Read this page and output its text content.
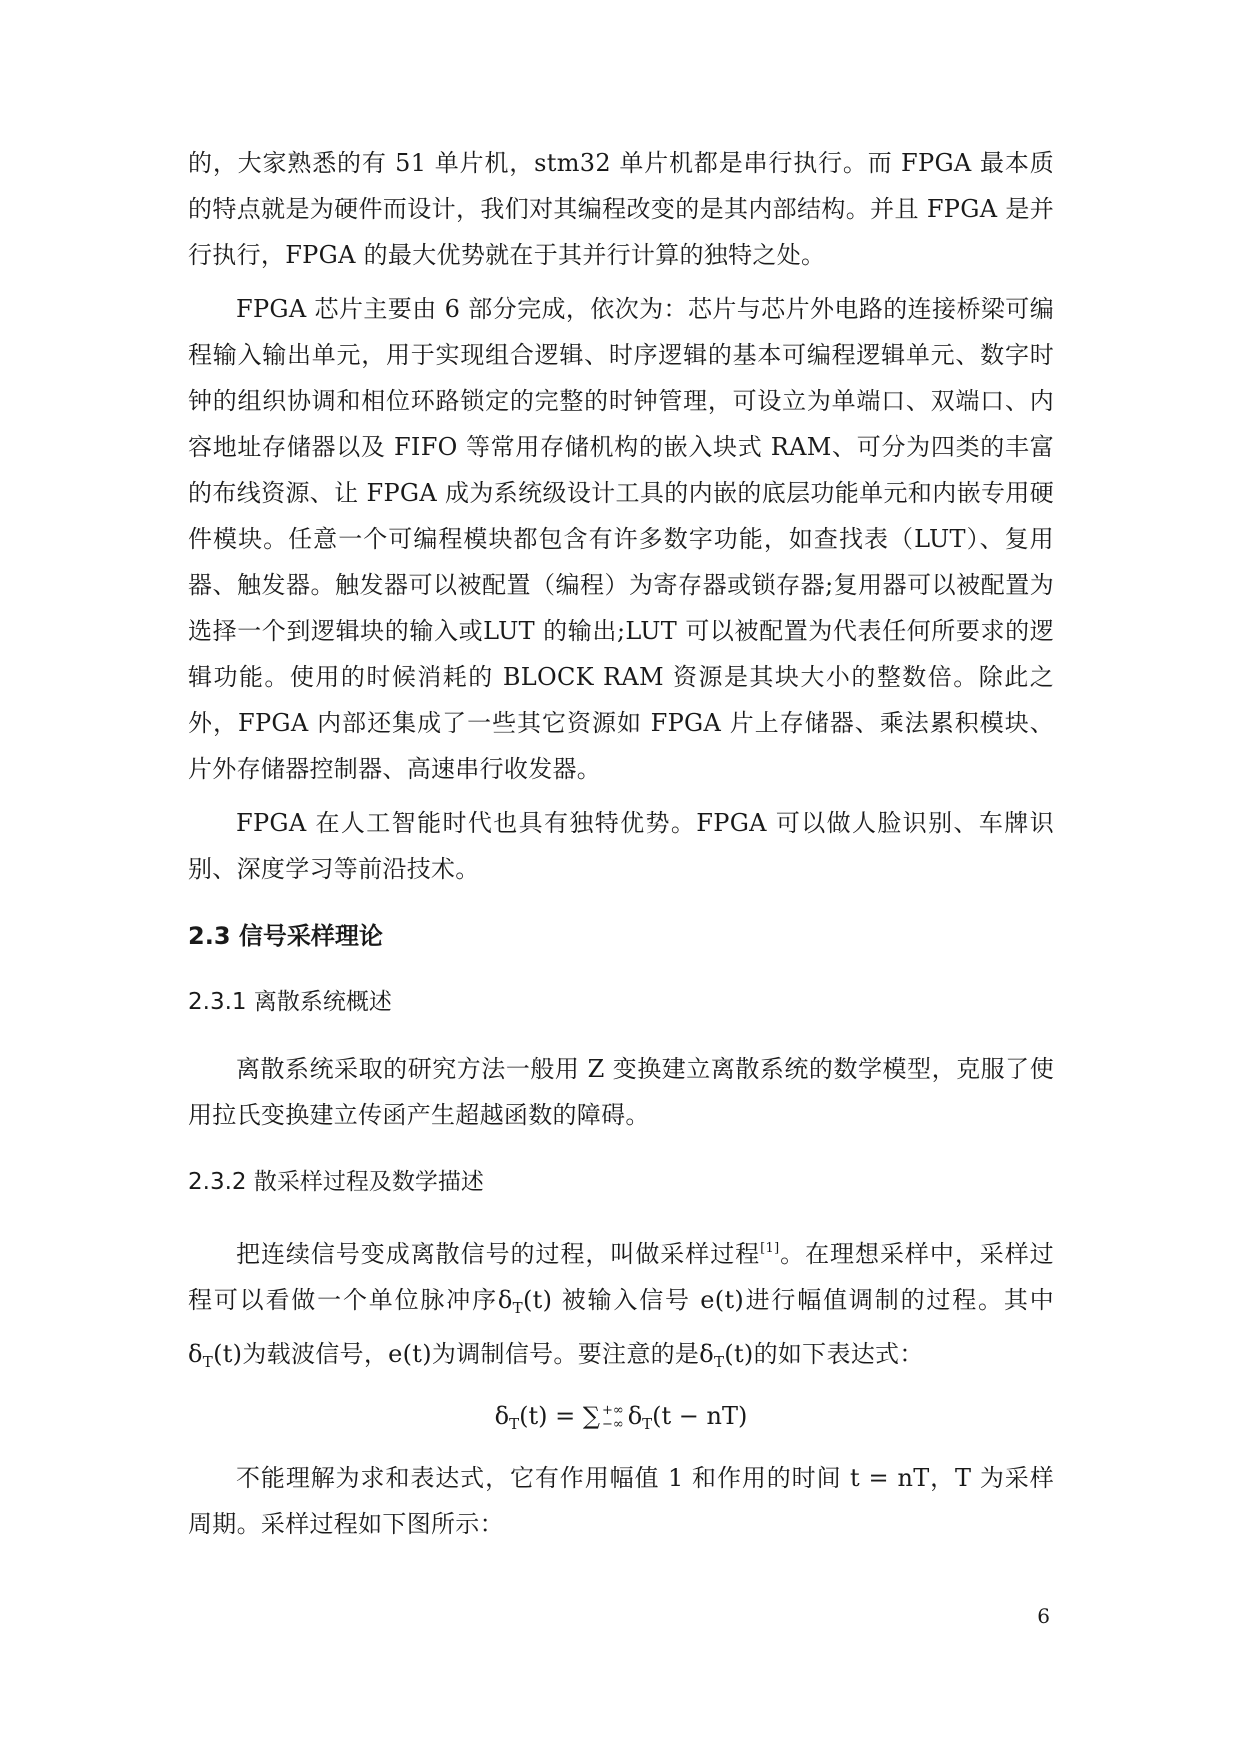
的，大家熟悉的有 51 单片机，stm32 单片机都是串行执行。而 FPGA 最本质的特点就是为硬件而设计，我们对其编程改变的是其内部结构。并且 FPGA 是并行执行，FPGA 的最大优势就在于其并行计算的独特之处。

FPGA 芯片主要由 6 部分完成，依次为：芯片与芯片外电路的连接桥梁可编程输入输出单元，用于实现组合逻辑、时序逻辑的基本可编程逻辑单元、数字时钟的组织协调和相位环路锁定的完整的时钟管理，可设立为单端口、双端口、内容地址存储器以及 FIFO 等常用存储机构的嵌入块式 RAM、可分为四类的丰富的布线资源、让 FPGA 成为系统级设计工具的内嵌的底层功能单元和内嵌专用硬件模块。任意一个可编程模块都包含有许多数字功能，如查找表（LUT）、复用器、触发器。触发器可以被配置（编程）为寄存器或锁存器;复用器可以被配置为选择一个到逻辑块的输入或LUT 的输出;LUT 可以被配置为代表任何所要求的逻辑功能。使用的时候消耗的 BLOCK RAM 资源是其块大小的整数倍。除此之外，FPGA 内部还集成了一些其它资源如 FPGA 片上存储器、乘法累积模块、片外存储器控制器、高速串行收发器。

FPGA 在人工智能时代也具有独特优势。FPGA 可以做人脸识别、车牌识别、深度学习等前沿技术。

2.3 信号采样理论
2.3.1 离散系统概述

离散系统采取的研究方法一般用 Z 变换建立离散系统的数学模型，克服了使用拉氏变换建立传函产生超越函数的障碍。

2.3.2 散采样过程及数学描述

把连续信号变成离散信号的过程，叫做采样过程[1]。在理想采样中，采样过程可以看做一个单位脉冲序$\delta_T(t)$ 被输入信号 e(t)进行幅值调制的过程。其中$\delta_T(t)$为载波信号，e(t)为调制信号。要注意的是$\delta_T(t)$的如下表达式：

$\delta_T(t)$ = ∑ +∞
−∞ $\delta_T(t - nT)$

不能理解为求和表达式，它有作用幅值 1 和作用的时间 t = nT，T 为采样周期。采样过程如下图所示：

6
